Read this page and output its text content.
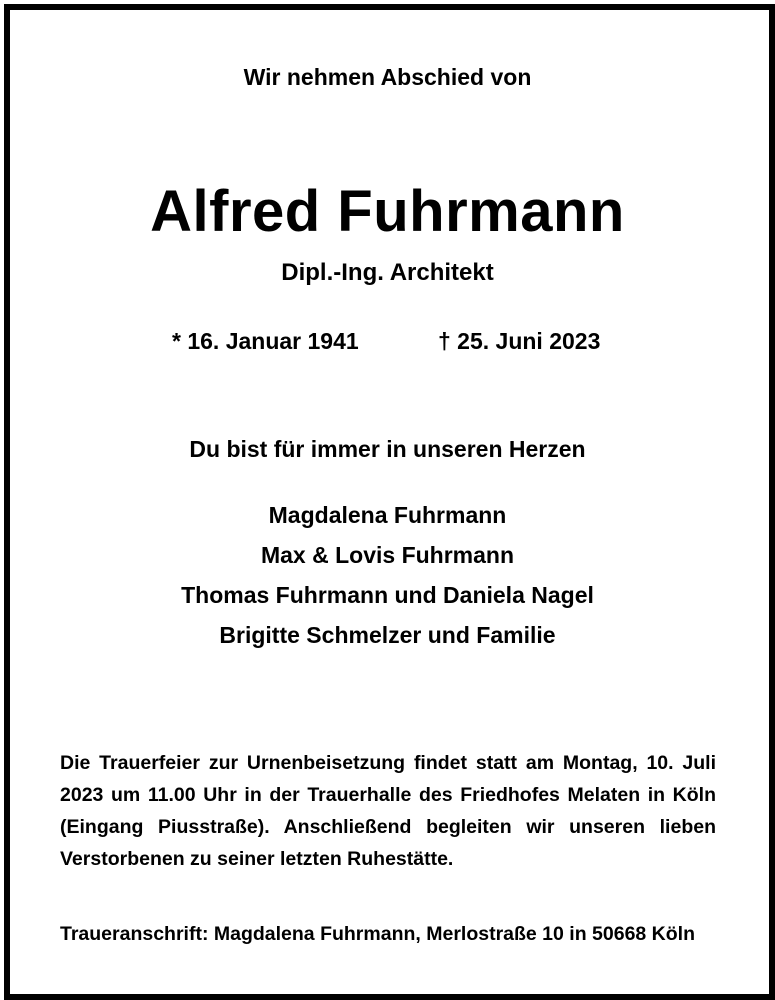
Wir nehmen Abschied von
Alfred Fuhrmann
Dipl.-Ing. Architekt
* 16. Januar 1941	† 25. Juni 2023
Du bist für immer in unseren Herzen
Magdalena Fuhrmann
Max & Lovis Fuhrmann
Thomas Fuhrmann und Daniela Nagel
Brigitte Schmelzer und Familie
Die Trauerfeier zur Urnenbeisetzung findet statt am Montag, 10. Juli 2023 um 11.00 Uhr in der Trauerhalle des Friedhofes Melaten in Köln (Eingang Piusstraße). Anschließend begleiten wir unseren lieben Verstorbenen zu seiner letzten Ruhestätte.
Traueranschrift: Magdalena Fuhrmann, Merlostraße 10 in 50668 Köln
